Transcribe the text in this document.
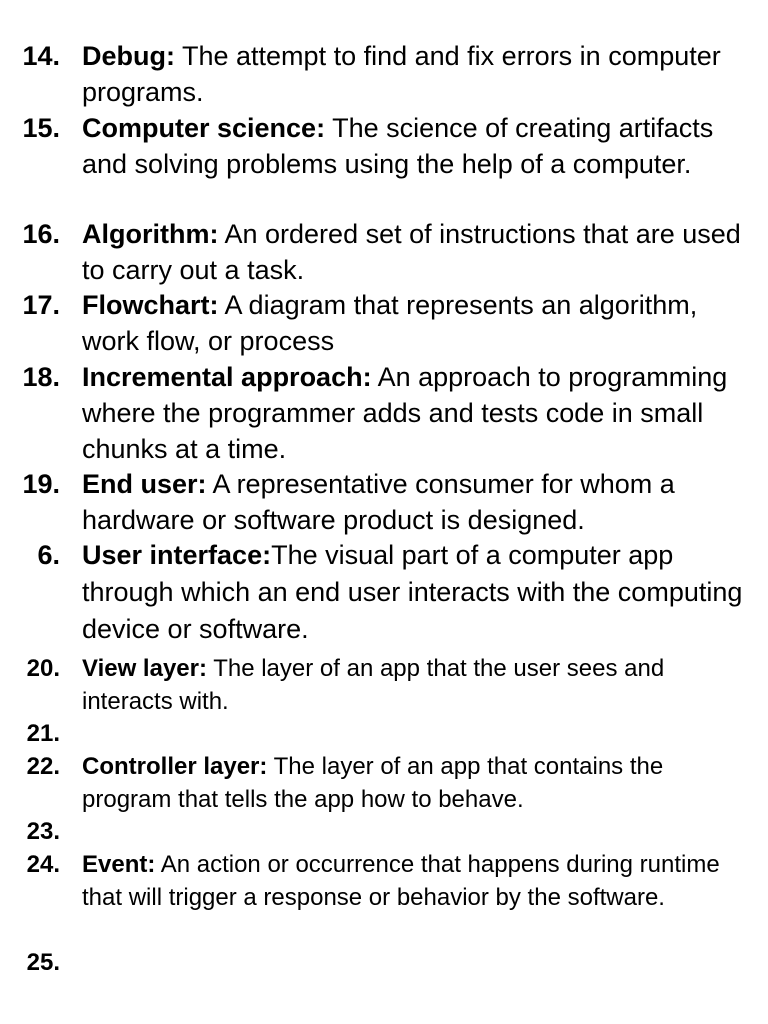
14. Debug: The attempt to find and fix errors in computer programs.
15. Computer science: The science of creating artifacts and solving problems using the help of a computer.
16. Algorithm: An ordered set of instructions that are used to carry out a task.
17. Flowchart: A diagram that represents an algorithm, work flow, or process
18. Incremental approach: An approach to programming where the programmer adds and tests code in small chunks at a time.
19. End user: A representative consumer for whom a hardware or software product is designed.
6. User interface:The visual part of a computer app through which an end user interacts with the computing device or software.
20. View layer: The layer of an app that the user sees and interacts with.
21.
22. Controller layer: The layer of an app that contains the program that tells the app how to behave.
23.
24. Event: An action or occurrence that happens during runtime that will trigger a response or behavior by the software.
25.
